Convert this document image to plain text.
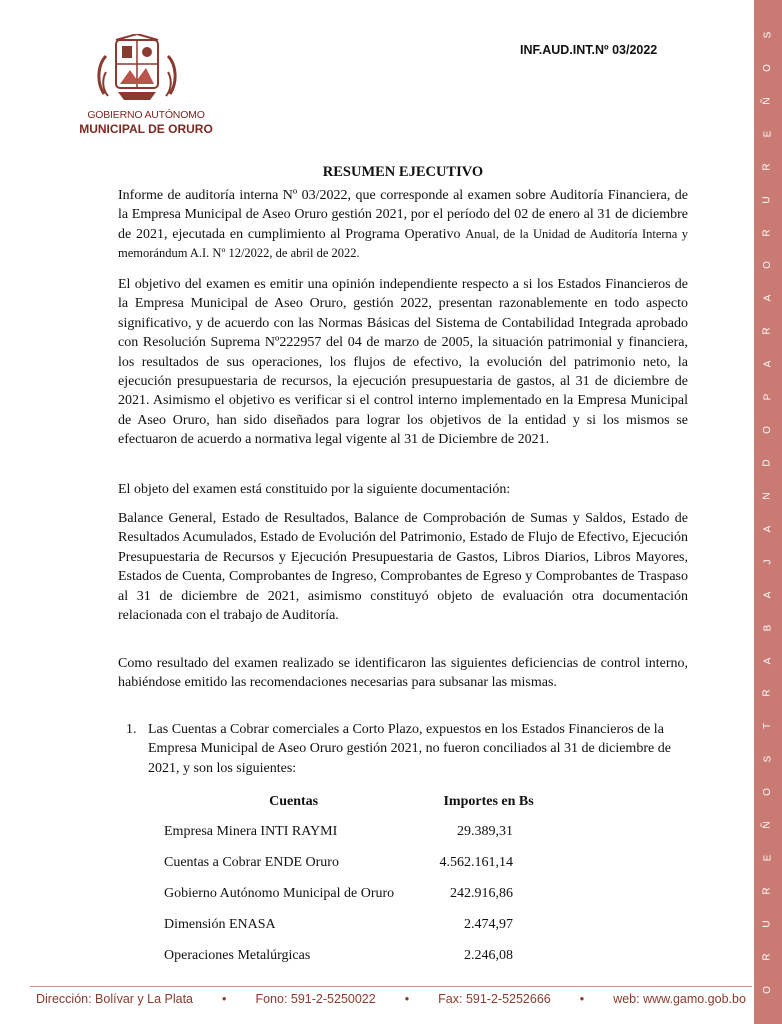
S
O
Ñ
E
R
U
R
O
A
R
A
P
O
D
N
A
J
A
B
A
R
T
S
O
Ñ
E
R
U
R
O
GOBIERNO AUTÓNOMO
MUNICIPAL DE ORURO
INF.AUD.INT.Nº 03/2022
RESUMEN EJECUTIVO

Informe de auditoría interna Nº 03/2022, que corresponde al examen sobre Auditoría Financiera, de la Empresa Municipal de Aseo Oruro gestión 2021, por el período del 02 de enero al 31 de diciembre de 2021, ejecutada en cumplimiento al Programa Operativo Anual, de la Unidad de Auditoría Interna y memorándum A.I. Nº 12/2022, de abril de 2022.

El objetivo del examen es emitir una opinión independiente respecto a si los Estados Financieros de la Empresa Municipal de Aseo Oruro, gestión 2022, presentan razonablemente en todo aspecto significativo, y de acuerdo con las Normas Básicas del Sistema de Contabilidad Integrada aprobado con Resolución Suprema Nº222957 del 04 de marzo de 2005, la situación patrimonial y financiera, los resultados de sus operaciones, los flujos de efectivo, la evolución del patrimonio neto, la ejecución presupuestaria de recursos, la ejecución presupuestaria de gastos, al 31 de diciembre de 2021. Asimismo el objetivo es verificar si el control interno implementado en la Empresa Municipal de Aseo Oruro, han sido diseñados para lograr los objetivos de la entidad y si los mismos se efectuaron de acuerdo a normativa legal vigente al 31 de Diciembre de 2021.

El objeto del examen está constituido por la siguiente documentación:

Balance General, Estado de Resultados, Balance de Comprobación de Sumas y Saldos, Estado de Resultados Acumulados, Estado de Evolución del Patrimonio, Estado de Flujo de Efectivo, Ejecución Presupuestaria de Recursos y Ejecución Presupuestaria de Gastos, Libros Diarios, Libros Mayores, Estados de Cuenta, Comprobantes de Ingreso, Comprobantes de Egreso y Comprobantes de Traspaso al 31 de diciembre de 2021, asimismo constituyó objeto de evaluación otra documentación relacionada con el trabajo de Auditoría.

Como resultado del examen realizado se identificaron las siguientes deficiencias de control interno, habiéndose emitido las recomendaciones necesarias para subsanar las mismas.

1. Las Cuentas a Cobrar comerciales a Corto Plazo, expuestos en los Estados Financieros de la Empresa Municipal de Aseo Oruro gestión 2021, no fueron conciliados al 31 de diciembre de 2021, y son los siguientes:
Cuentas	Importes en Bs
Empresa Minera INTI RAYMI	29.389,31
Cuentas a Cobrar ENDE Oruro	4.562.161,14
Gobierno Autónomo Municipal de Oruro	242.916,86
Dimensión ENASA	2.474,97
Operaciones Metalúrgicas	2.246,08
Dirección: Bolívar y La Plata • Fono: 591-2-5250022 • Fax: 591-2-5252666 • web: www.gamo.gob.bo
